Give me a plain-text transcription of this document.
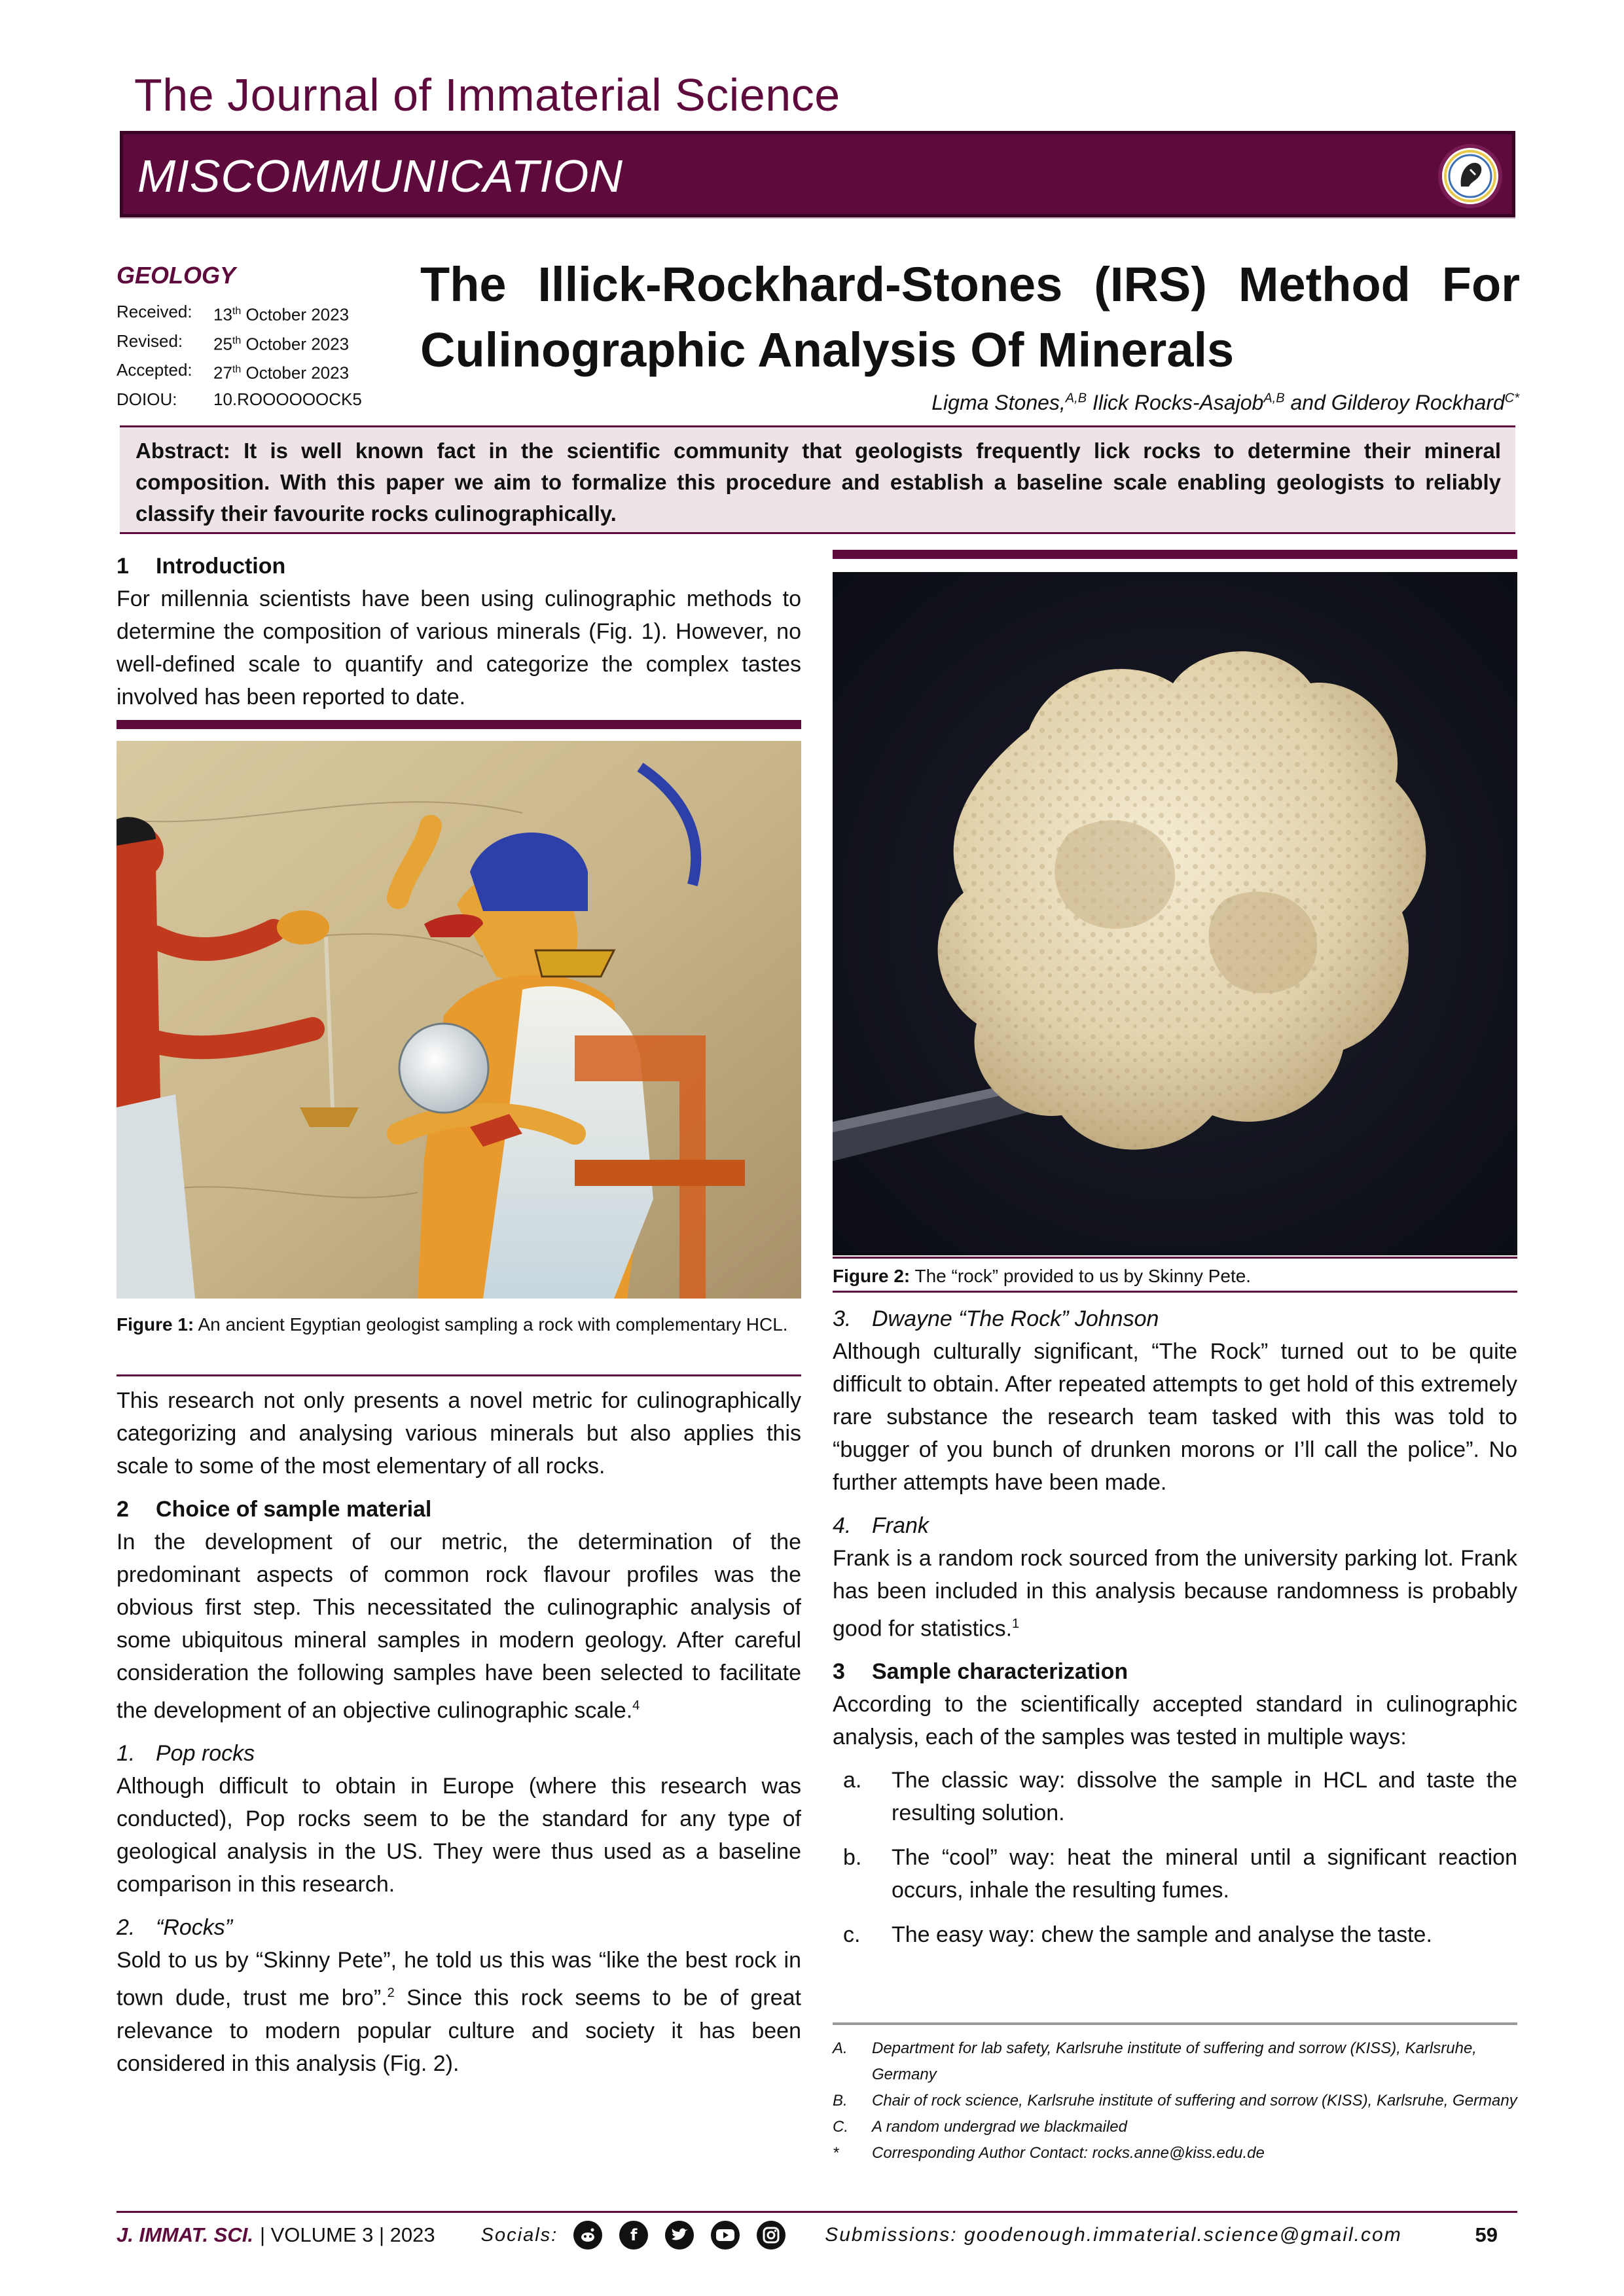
The Journal of Immaterial Science
MISCOMMUNICATION
GEOLOGY
Received:	13th October 2023
Revised:	25th October 2023
Accepted:	27th October 2023
DOIOU:	10.ROOOOOOCK5
The Illick-Rockhard-Stones (IRS) Method For Culinographic Analysis Of Minerals
Ligma Stones,$^{A,B}$ Ilick Rocks-Asajob$^{A,B}$ and Gilderoy Rockhard$^{C*}$
Abstract: It is well known fact in the scientific community that geologists frequently lick rocks to determine their mineral composition. With this paper we aim to formalize this procedure and establish a baseline scale enabling geologists to reliably classify their favourite rocks culinographically.
1 Introduction
For millennia scientists have been using culinographic methods to determine the composition of various minerals (Fig. 1). However, no well-defined scale to quantify and categorize the complex tastes involved has been reported to date.
Figure 1: An ancient Egyptian geologist sampling a rock with complementary HCL.
This research not only presents a novel metric for culinographically categorizing and analysing various minerals but also applies this scale to some of the most elementary of all rocks.
2 Choice of sample material
In the development of our metric, the determination of the predominant aspects of common rock flavour profiles was the obvious first step. This necessitated the culinographic analysis of some ubiquitous mineral samples in modern geology. After careful consideration the following samples have been selected to facilitate the development of an objective culinographic scale.$^4$
1. Pop rocks
Although difficult to obtain in Europe (where this research was conducted), Pop rocks seem to be the standard for any type of geological analysis in the US. They were thus used as a baseline comparison in this research.
2. “Rocks”
Sold to us by “Skinny Pete”, he told us this was “like the best rock in town dude, trust me bro”.$^2$ Since this rock seems to be of great relevance to modern popular culture and society it has been considered in this analysis (Fig. 2).
Figure 2: The “rock” provided to us by Skinny Pete.
3. Dwayne “The Rock” Johnson
Although culturally significant, “The Rock” turned out to be quite difficult to obtain. After repeated attempts to get hold of this extremely rare substance the research team tasked with this was told to “bugger of you bunch of drunken morons or I’ll call the police”. No further attempts have been made.
4. Frank
Frank is a random rock sourced from the university parking lot. Frank has been included in this analysis because randomness is probably good for statistics.$^1$
3 Sample characterization
According to the scientifically accepted standard in culinographic analysis, each of the samples was tested in multiple ways:
a.	The classic way: dissolve the sample in HCL and taste the resulting solution.
b.	The “cool” way: heat the mineral until a significant reaction occurs, inhale the resulting fumes.
c.	The easy way: chew the sample and analyse the taste.
A.	Department for lab safety, Karlsruhe institute of suffering and sorrow (KISS), Karlsruhe, Germany
B.	Chair of rock science, Karlsruhe institute of suffering and sorrow (KISS), Karlsruhe, Germany
C.	A random undergrad we blackmailed
*	Corresponding Author Contact: rocks.anne@kiss.edu.de
J. IMMAT. SCI. | VOLUME 3 | 2023 Socials:	f	Submissions: goodenough.immaterial.science@gmail.com	59
